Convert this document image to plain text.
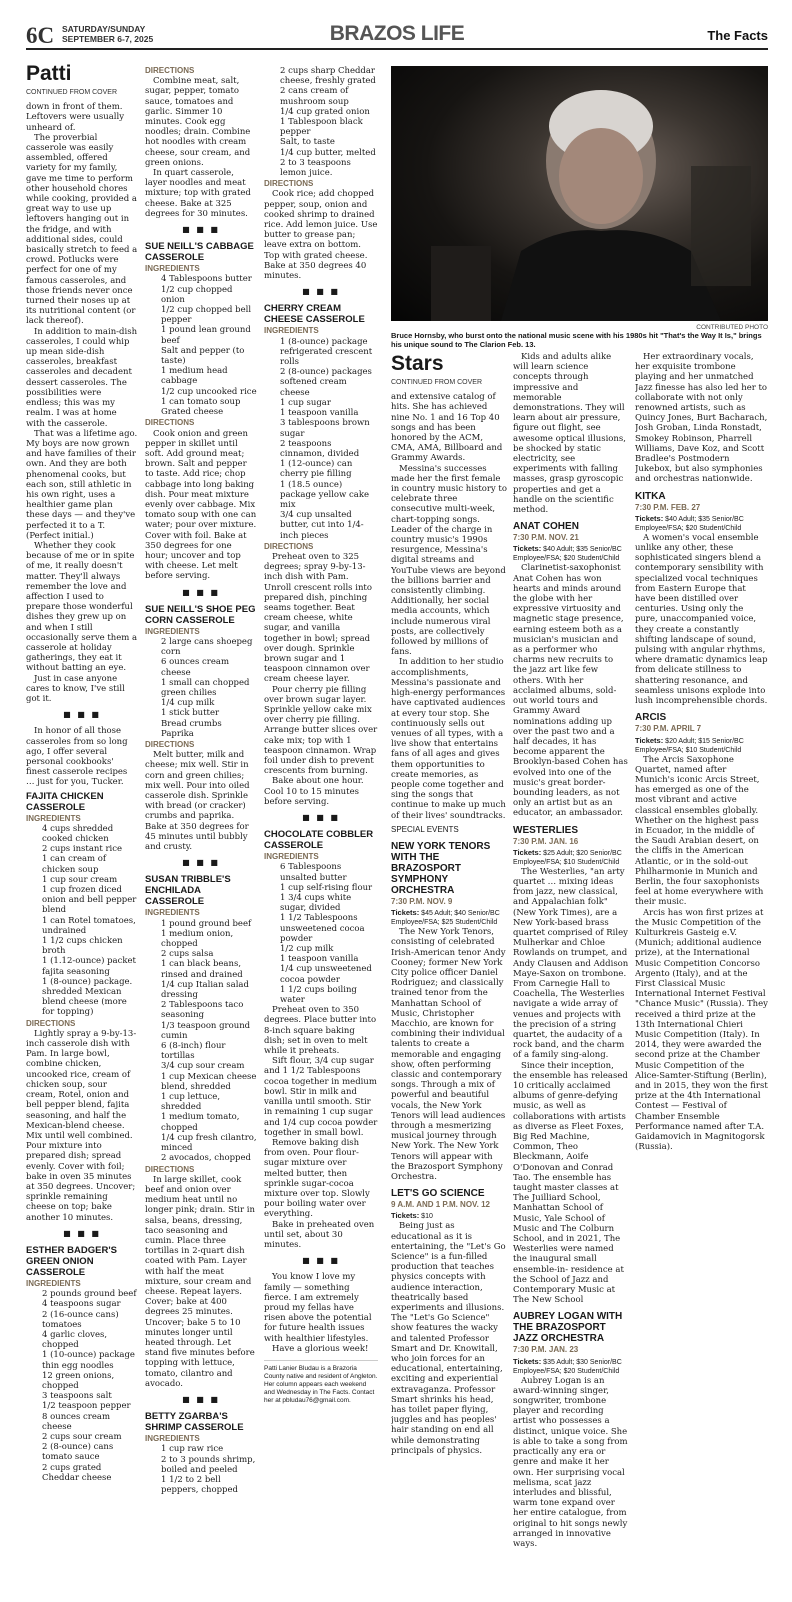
6C SATURDAY/SUNDAY
SEPTEMBER 6-7, 2025	BRAZOS LIFE	The Facts
Patti
CONTINUED FROM COVER

down in front of them. Leftovers were usually unheard of.

The proverbial casserole was easily assembled, offered variety for my family, gave me time to perform other household chores while cooking, provided a great way to use up leftovers hanging out in the fridge, and with additional sides, could basically stretch to feed a crowd. Potlucks were perfect for one of my famous casseroles, and those friends never once turned their noses up at its nutritional content (or lack thereof).

In addition to main-dish casseroles, I could whip up mean side-dish casseroles, breakfast casseroles and decadent dessert casseroles. The possibilities were endless; this was my realm. I was at home with the casserole.

That was a lifetime ago. My boys are now grown and have families of their own. And they are both phenomenal cooks, but each son, still athletic in his own right, uses a healthier game plan these days — and they've perfected it to a T. (Perfect initial.)

Whether they cook because of me or in spite of me, it really doesn't matter. They'll always remember the love and affection I used to prepare those wonderful dishes they grew up on and when I still occasionally serve them a casserole at holiday gatherings, they eat it without batting an eye.

Just in case anyone cares to know, I've still got it.

■ ■ ■

In honor of all those casseroles from so long ago, I offer several personal cookbooks' finest casserole recipes … just for you, Tucker.

FAJITA CHICKEN CASSEROLE
INGREDIENTS
4 cups shredded cooked chicken
2 cups instant rice
1 can cream of chicken soup
1 cup sour cream
1 cup frozen diced onion and bell pepper blend
1 can Rotel tomatoes, undrained
1 1/2 cups chicken broth
1 (1.12-ounce) packet fajita seasoning
1 (8-ounce) package. shredded Mexican blend cheese (more for topping)
DIRECTIONS

Lightly spray a 9-by-13-inch casserole dish with Pam. In large bowl, combine chicken, uncooked rice, cream of chicken soup, sour cream, Rotel, onion and bell pepper blend, fajita seasoning, and half the Mexican-blend cheese. Mix until well combined. Pour mixture into prepared dish; spread evenly. Cover with foil; bake in oven 35 minutes at 350 degrees. Uncover; sprinkle remaining cheese on top; bake another 10 minutes.

■ ■ ■
ESTHER BADGER'S GREEN ONION CASSEROLE
INGREDIENTS
2 pounds ground beef
4 teaspoons sugar
2 (16-ounce cans) tomatoes
4 garlic cloves, chopped
1 (10-ounce) package thin egg noodles
12 green onions, chopped
3 teaspoons salt
1/2 teaspoon pepper
8 ounces cream cheese
2 cups sour cream
2 (8-ounce) cans tomato sauce
2 cups grated Cheddar cheese
DIRECTIONS

Combine meat, salt, sugar, pepper, tomato sauce, tomatoes and garlic. Simmer 10 minutes. Cook egg noodles; drain. Combine hot noodles with cream cheese, sour cream, and green onions.

In quart casserole, layer noodles and meat mixture; top with grated cheese. Bake at 325 degrees for 30 minutes.

■ ■ ■
SUE NEILL'S CABBAGE CASSEROLE
INGREDIENTS
4 Tablespoons butter
1/2 cup chopped onion
1/2 cup chopped bell pepper
1 pound lean ground beef
Salt and pepper (to taste)
1 medium head cabbage
1/2 cup uncooked rice
1 can tomato soup
Grated cheese
DIRECTIONS

Cook onion and green pepper in skillet until soft. Add ground meat; brown. Salt and pepper to taste. Add rice; chop cabbage into long baking dish. Pour meat mixture evenly over cabbage. Mix tomato soup with one can water; pour over mixture. Cover with foil. Bake at 350 degrees for one hour; uncover and top with cheese. Let melt before serving.

■ ■ ■
SUE NEILL'S SHOE PEG CORN CASSEROLE
INGREDIENTS
2 large cans shoepeg corn
6 ounces cream cheese
1 small can chopped green chilies
1/4 cup milk
1 stick butter
Bread crumbs
Paprika
DIRECTIONS

Melt butter, milk and cheese; mix well. Stir in corn and green chilies; mix well. Pour into oiled casserole dish. Sprinkle with bread (or cracker) crumbs and paprika. Bake at 350 degrees for 45 minutes until bubbly and crusty.

■ ■ ■
SUSAN TRIBBLE'S ENCHILADA CASSEROLE
INGREDIENTS
1 pound ground beef
1 medium onion, chopped
2 cups salsa
1 can black beans, rinsed and drained
1/4 cup Italian salad dressing
2 Tablespoons taco seasoning
1/3 teaspoon ground cumin
6 (8-inch) flour tortillas
3/4 cup sour cream
1 cup Mexican cheese blend, shredded
1 cup lettuce, shredded
1 medium tomato, chopped
1/4 cup fresh cilantro, minced
2 avocados, chopped
DIRECTIONS

In large skillet, cook beef and onion over medium heat until no longer pink; drain. Stir in salsa, beans, dressing, taco seasoning and cumin. Place three tortillas in 2-quart dish coated with Pam. Layer with half the meat mixture, sour cream and cheese. Repeat layers. Cover; bake at 400 degrees 25 minutes. Uncover; bake 5 to 10 minutes longer until heated through. Let stand five minutes before topping with lettuce, tomato, cilantro and avocado.

■ ■ ■
BETTY ZGARBA'S SHRIMP CASSEROLE
INGREDIENTS
1 cup raw rice
2 to 3 pounds shrimp, boiled and peeled
1 1/2 to 2 bell peppers, chopped
2 cups sharp Cheddar cheese, freshly grated
2 cans cream of mushroom soup
1/4 cup grated onion
1 Tablespoon black pepper
Salt, to taste
1/4 cup butter, melted
2 to 3 teaspoons lemon juice.
DIRECTIONS

Cook rice; add chopped pepper, soup, onion and cooked shrimp to drained rice. Add lemon juice. Use butter to grease pan; leave extra on bottom. Top with grated cheese. Bake at 350 degrees 40 minutes.

■ ■ ■
CHERRY CREAM CHEESE CASSEROLE
INGREDIENTS
1 (8-ounce) package refrigerated crescent rolls
2 (8-ounce) packages softened cream cheese
1 cup sugar
1 teaspoon vanilla
3 tablespoons brown sugar
2 teaspoons cinnamon, divided
1 (12-ounce) can cherry pie filling
1 (18.5 ounce) package yellow cake mix
3/4 cup unsalted butter, cut into 1/4-inch pieces
DIRECTIONS

Preheat oven to 325 degrees; spray 9-by-13-inch dish with Pam. Unroll crescent rolls into prepared dish, pinching seams together. Beat cream cheese, white sugar, and vanilla together in bowl; spread over dough. Sprinkle brown sugar and 1 teaspoon cinnamon over cream cheese layer.

Pour cherry pie filling over brown sugar layer. Sprinkle yellow cake mix over cherry pie filling. Arrange butter slices over cake mix; top with 1 teaspoon cinnamon. Wrap foil under dish to prevent crescents from burning.

Bake about one hour. Cool 10 to 15 minutes before serving.

■ ■ ■
CHOCOLATE COBBLER CASSEROLE
INGREDIENTS
6 Tablespoons unsalted butter
1 cup self-rising flour
1 3/4 cups white sugar, divided
1 1/2 Tablespoons unsweetened cocoa powder
1/2 cup milk
1 teaspoon vanilla
1/4 cup unsweetened cocoa powder
1 1/2 cups boiling water

Preheat oven to 350 degrees. Place butter into 8-inch square baking dish; set in oven to melt while it preheats.

Sift flour, 3/4 cup sugar and 1 1/2 Tablespoons cocoa together in medium bowl. Stir in milk and vanilla until smooth. Stir in remaining 1 cup sugar and 1/4 cup cocoa powder together in small bowl.

Remove baking dish from oven. Pour flour-sugar mixture over melted butter, then sprinkle sugar-cocoa mixture over top. Slowly pour boiling water over everything.

Bake in preheated oven until set, about 30 minutes.

■ ■ ■

You know I love my family — something fierce. I am extremely proud my fellas have risen above the potential for future health issues with healthier lifestyles.

Have a glorious week!

Patti Lanier Bludau is a Brazoria County native and resident of Angleton. Her column appears each weekend and Wednesday in The Facts. Contact her at pbludau76@gmail.com.
CONTRIBUTED PHOTO
Bruce Hornsby, who burst onto the national music scene with his 1980s hit "That's the Way It Is," brings his unique sound to The Clarion Feb. 13.
Stars
CONTINUED FROM COVER

and extensive catalog of hits. She has achieved nine No. 1 and 16 Top 40 songs and has been honored by the ACM, CMA, AMA, Billboard and Grammy Awards.

Messina's successes made her the first female in country music history to celebrate three consecutive multi-week, chart-topping songs. Leader of the charge in country music's 1990s resurgence, Messina's digital streams and YouTube views are beyond the billions barrier and consistently climbing. Additionally, her social media accounts, which include numerous viral posts, are collectively followed by millions of fans.

In addition to her studio accomplishments, Messina's passionate and high-energy performances have captivated audiences at every tour stop. She continuously sells out venues of all types, with a live show that entertains fans of all ages and gives them opportunities to create memories, as people come together and sing the songs that continue to make up much of their lives' soundtracks.

SPECIAL EVENTS
NEW YORK TENORS WITH THE BRAZOSPORT SYMPHONY ORCHESTRA
7:30 P.M. NOV. 9
Tickets: $45 Adult; $40 Senior/BC Employee/FSA; $25 Student/Child

The New York Tenors, consisting of celebrated Irish-American tenor Andy Cooney; former New York City police officer Daniel Rodriguez; and classically trained tenor from the Manhattan School of Music, Christopher Macchio, are known for combining their individual talents to create a memorable and engaging show, often performing classic and contemporary songs. Through a mix of powerful and beautiful vocals, the New York Tenors will lead audiences through a mesmerizing musical journey through New York. The New York Tenors will appear with the Brazosport Symphony Orchestra.

LET'S GO SCIENCE
9 A.M. AND 1 P.M. NOV. 12
Tickets: $10

Being just as educational as it is entertaining, the "Let's Go Science" is a fun-filled production that teaches physics concepts with audience interaction, theatrically based experiments and illusions. The "Let's Go Science" show features the wacky and talented Professor Smart and Dr. Knowitall, who join forces for an educational, entertaining, exciting and experiential extravaganza. Professor Smart shrinks his head, has toilet paper flying, juggles and has peoples' hair standing on end all while demonstrating principals of physics.

Kids and adults alike will learn science concepts through impressive and memorable demonstrations. They will learn about air pressure, figure out flight, see awesome optical illusions, be shocked by static electricity, see experiments with falling masses, grasp gyroscopic properties and get a handle on the scientific method.

ANAT COHEN
7:30 P.M. NOV. 21
Tickets: $40 Adult; $35 Senior/BC Employee/FSA; $20 Student/Child

Clarinetist-saxophonist Anat Cohen has won hearts and minds around the globe with her expressive virtuosity and magnetic stage presence, earning esteem both as a musician's musician and as a performer who charms new recruits to the jazz art like few others. With her acclaimed albums, sold-out world tours and Grammy Award nominations adding up over the past two and a half decades, it has become apparent the Brooklyn-based Cohen has evolved into one of the music's great border-bounding leaders, as not only an artist but as an educator, an ambassador.

WESTERLIES
7:30 P.M. JAN. 16
Tickets: $25 Adult; $20 Senior/BC Employee/FSA; $10 Student/Child

The Westerlies, "an arty quartet … mixing ideas from jazz, new classical, and Appalachian folk" (New York Times), are a New York-based brass quartet comprised of Riley Mulherkar and Chloe Rowlands on trumpet, and Andy Clausen and Addison Maye-Saxon on trombone. From Carnegie Hall to Coachella, The Westerlies navigate a wide array of venues and projects with the precision of a string quartet, the audacity of a rock band, and the charm of a family sing-along.

Since their inception, the ensemble has released 10 critically acclaimed albums of genre-defying music, as well as collaborations with artists as diverse as Fleet Foxes, Big Red Machine, Common, Theo Bleckmann, Aoife O'Donovan and Conrad Tao. The ensemble has taught master classes at The Juilliard School, Manhattan School of Music, Yale School of Music and The Colburn School, and in 2021, The Westerlies were named the inaugural small ensemble-in- residence at the School of Jazz and Contemporary Music at The New School

AUBREY LOGAN WITH THE BRAZOSPORT JAZZ ORCHESTRA
7:30 P.M. JAN. 23
Tickets: $35 Adult; $30 Senior/BC Employee/FSA; $20 Student/Child

Aubrey Logan is an award-winning singer, songwriter, trombone player and recording artist who possesses a distinct, unique voice. She is able to take a song from practically any era or genre and make it her own. Her surprising vocal melisma, scat jazz interludes and blissful, warm tone expand over her entire catalogue, from original to hit songs newly arranged in innovative ways.

Her extraordinary vocals, her exquisite trombone playing and her unmatched Jazz finesse has also led her to collaborate with not only renowned artists, such as Quincy Jones, Burt Bacharach, Josh Groban, Linda Ronstadt, Smokey Robinson, Pharrell Williams, Dave Koz, and Scott Bradlee's Postmodern Jukebox, but also symphonies and orchestras nationwide.

KITKA
7:30 P.M. FEB. 27
Tickets: $40 Adult; $35 Senior/BC Employee/FSA; $20 Student/Child

A women's vocal ensemble unlike any other, these sophisticated singers blend a contemporary sensibility with specialized vocal techniques from Eastern Europe that have been distilled over centuries. Using only the pure, unaccompanied voice, they create a constantly shifting landscape of sound, pulsing with angular rhythms, where dramatic dynamics leap from delicate stillness to shattering resonance, and seamless unisons explode into lush incomprehensible chords.

ARCIS
7:30 P.M. APRIL 7
Tickets: $20 Adult; $15 Senior/BC Employee/FSA; $10 Student/Child

The Arcis Saxophone Quartet, named after Munich's iconic Arcis Street, has emerged as one of the most vibrant and active classical ensembles globally. Whether on the highest pass in Ecuador, in the middle of the Saudi Arabian desert, on the cliffs in the American Atlantic, or in the sold-out Philharmonie in Munich and Berlin, the four saxophonists feel at home everywhere with their music.

Arcis has won first prizes at the Music Competition of the Kulturkreis Gasteig e.V. (Munich; additional audience prize), at the International Music Competition Concorso Argento (Italy), and at the First Classical Music International Internet Festival "Chance Music" (Russia). They received a third prize at the 13th International Chieri Music Competition (Italy). In 2014, they were awarded the second prize at the Chamber Music Competition of the Alice-Samter-Stiftung (Berlin), and in 2015, they won the first prize at the 4th International Contest — Festival of Chamber Ensemble Performance named after T.A. Gaidamovich in Magnitogorsk (Russia).
